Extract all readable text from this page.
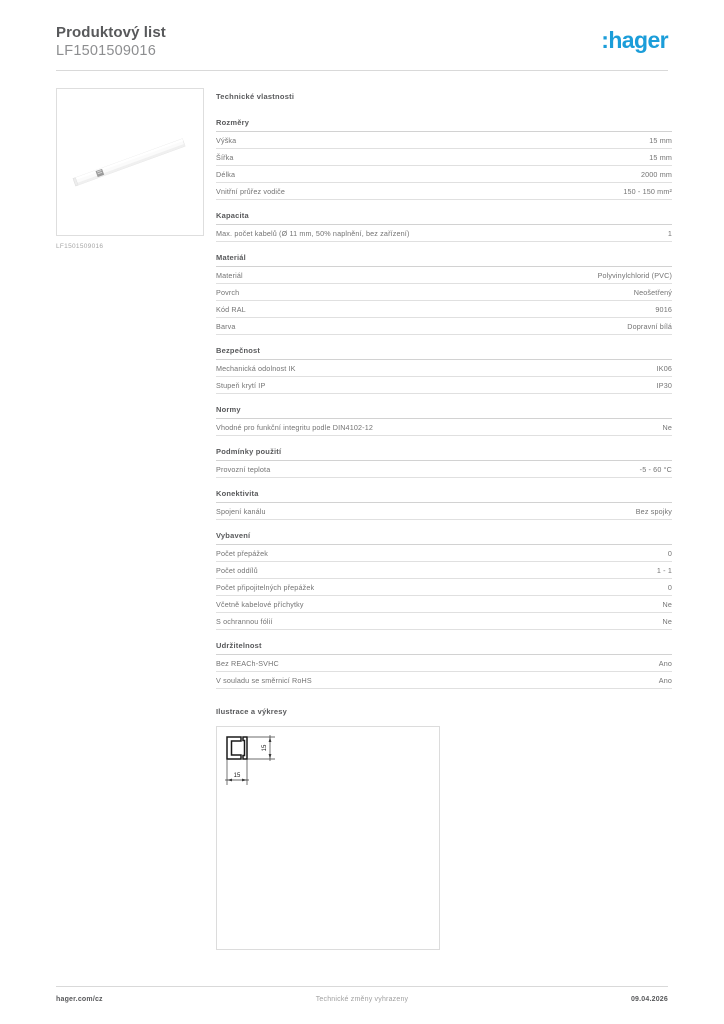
Produktový list
LF1501509016	:hager
LF1501509016
Technické vlastnosti
Rozměry
Výška	15 mm
Šířka	15 mm
Délka	2000 mm
Vnitřní průřez vodiče	150 - 150 mm²
Kapacita
Max. počet kabelů (Ø 11 mm, 50% naplnění, bez zařízení)	1
Materiál
Materiál	Polyvinylchlorid (PVC)
Povrch	Neošetřený
Kód RAL	9016
Barva	Dopravní bílá
Bezpečnost
Mechanická odolnost IK	IK06
Stupeň krytí IP	IP30
Normy
Vhodné pro funkční integritu podle DIN4102-12	Ne
Podmínky použití
Provozní teplota	-5 - 60 °C
Konektivita
Spojení kanálu	Bez spojky
Vybavení
Počet přepážek	0
Počet oddílů	1 - 1
Počet připojitelných přepážek	0
Včetně kabelové příchytky	Ne
S ochrannou fólií	Ne
Udržitelnost
Bez REACh-SVHC	Ano
V souladu se směrnicí RoHS	Ano
Ilustrace a výkresy
15
15
hager.com/cz	Technické změny vyhrazeny	09.04.2026
